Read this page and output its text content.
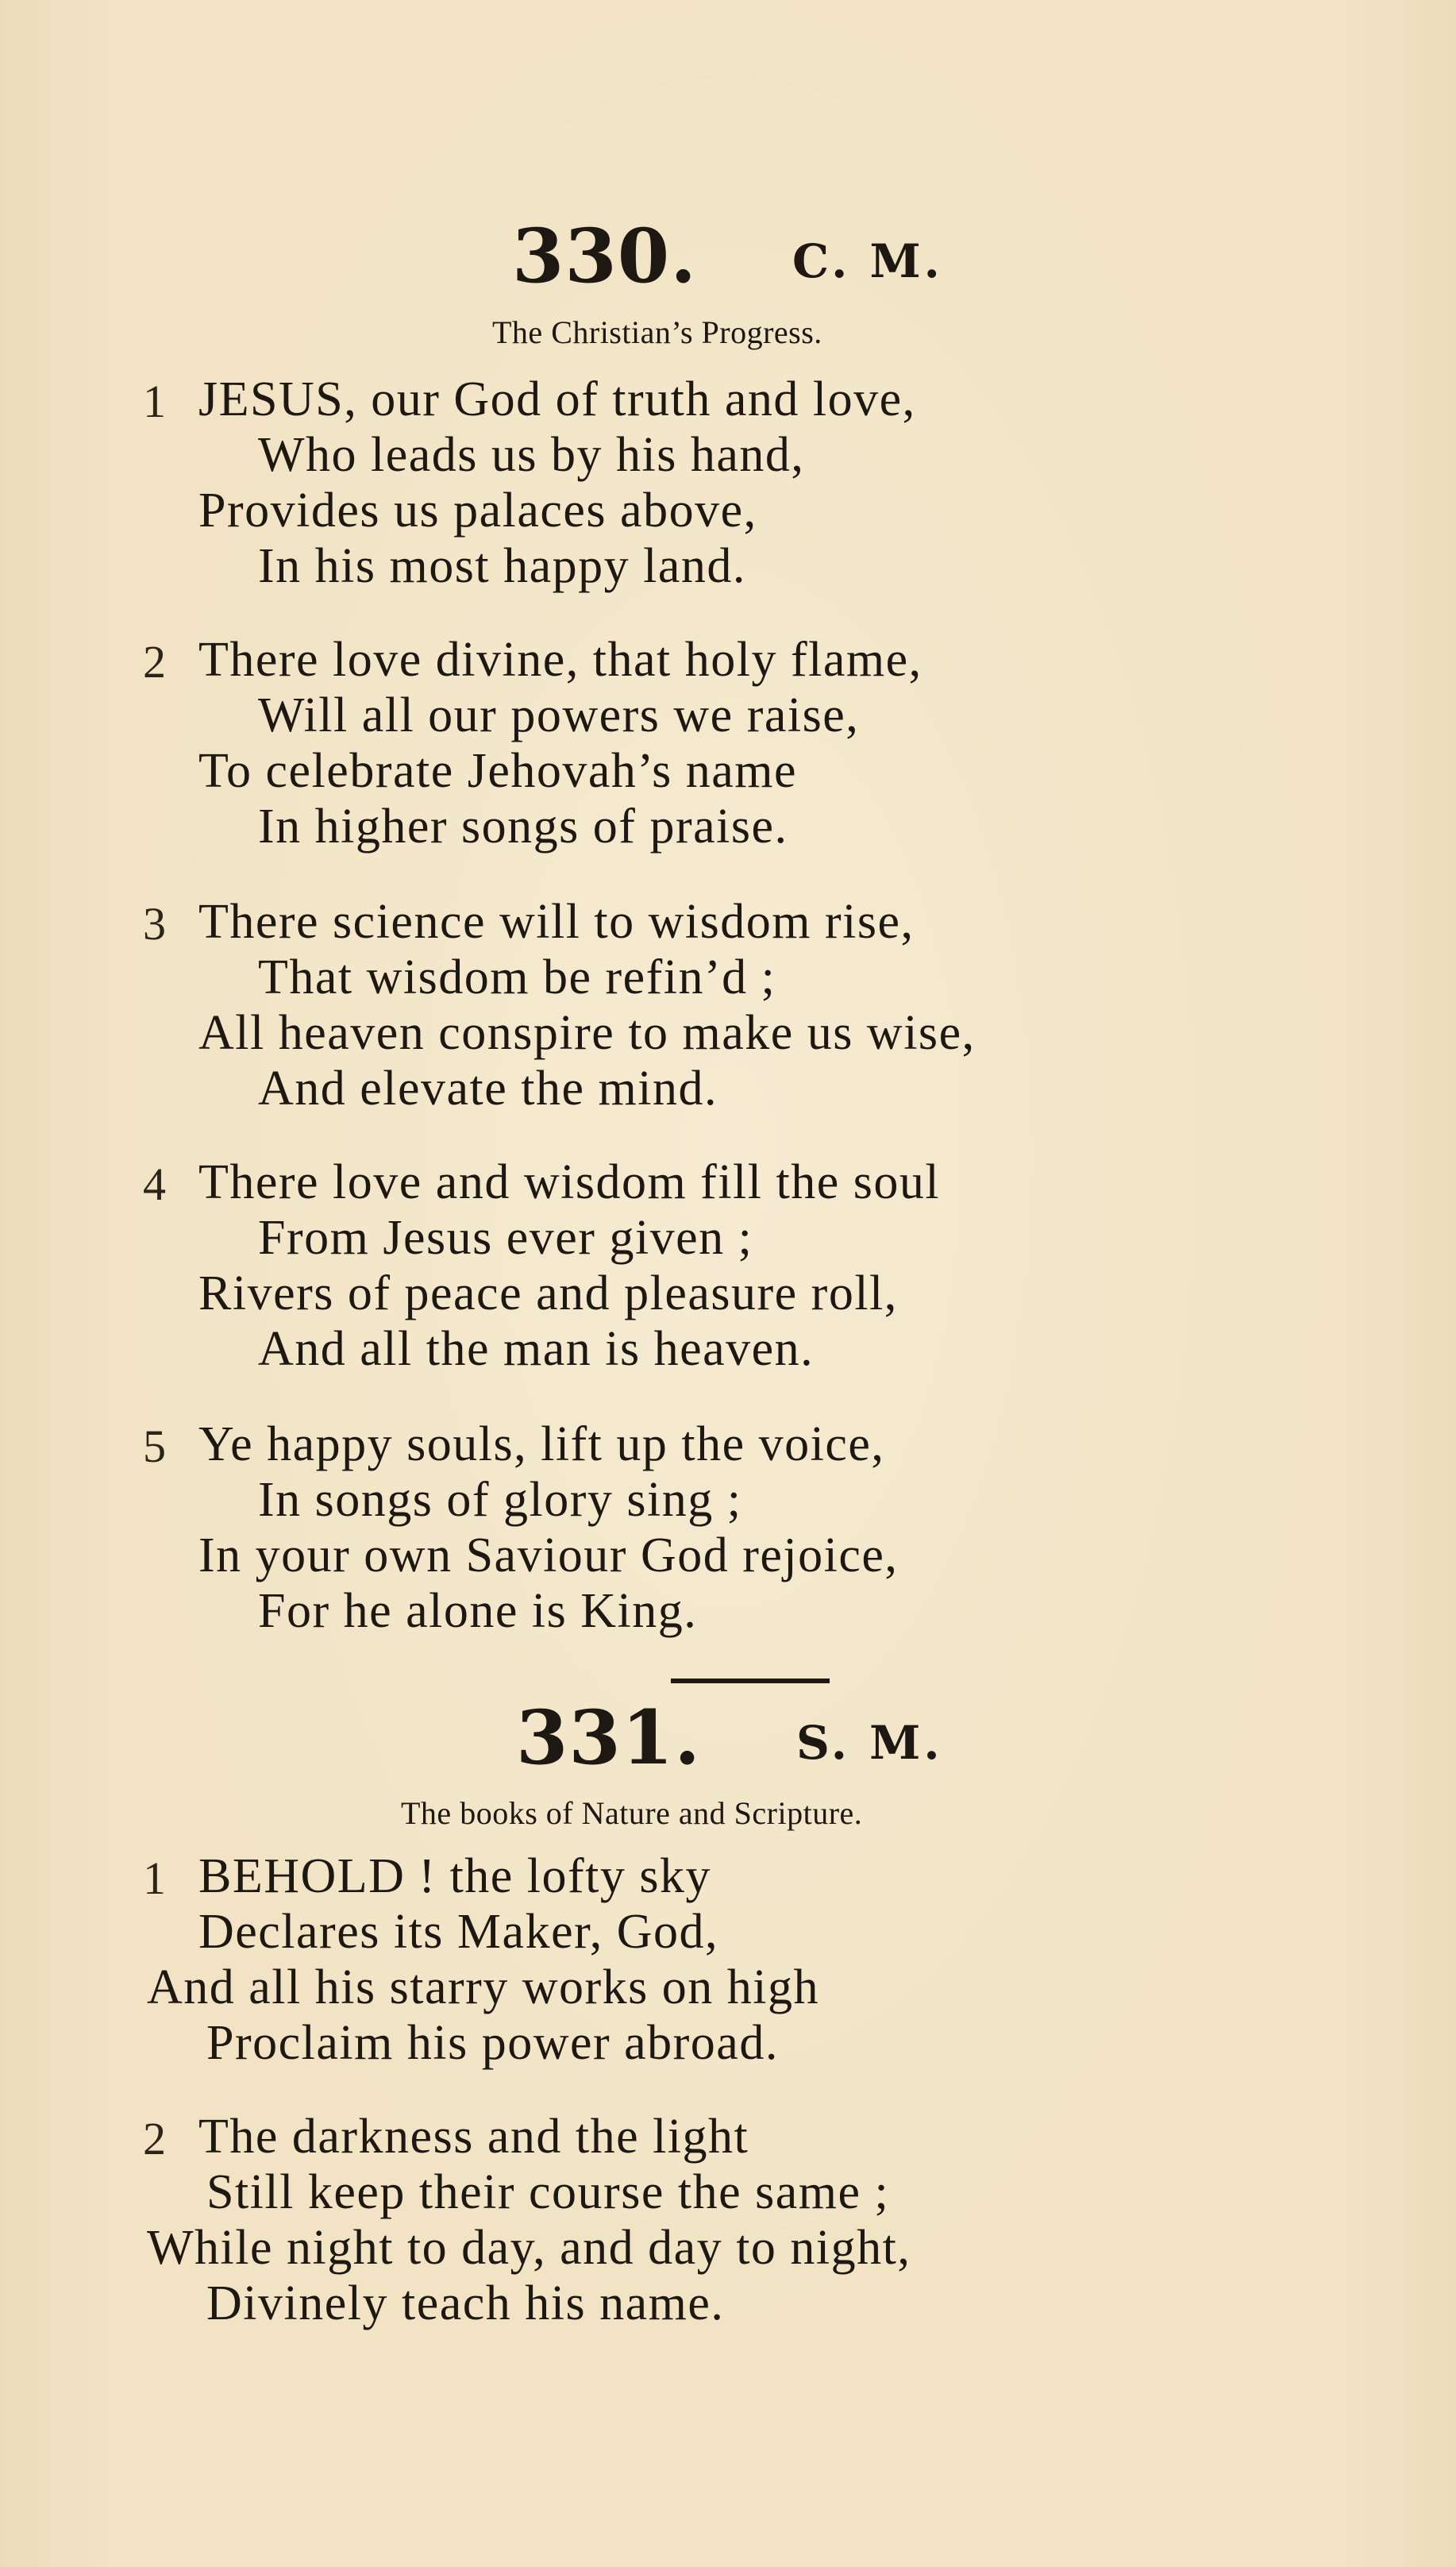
330. C. M.
The Christian’s Progress.
1 JESUS, our God of truth and love,
Who leads us by his hand,
Provides us palaces above,
In his most happy land.
2 There love divine, that holy flame,
Will all our powers we raise,
To celebrate Jehovah’s name
In higher songs of praise.
3 There science will to wisdom rise,
That wisdom be refin’d ;
All heaven conspire to make us wise,
And elevate the mind.
4 There love and wisdom fill the soul
From Jesus ever given ;
Rivers of peace and pleasure roll,
And all the man is heaven.
5 Ye happy souls, lift up the voice,
In songs of glory sing ;
In your own Saviour God rejoice,
For he alone is King.
331. S. M.
The books of Nature and Scripture.
1 BEHOLD ! the lofty sky
Declares its Maker, God,
And all his starry works on high
Proclaim his power abroad.
2 The darkness and the light
Still keep their course the same ;
While night to day, and day to night,
Divinely teach his name.
